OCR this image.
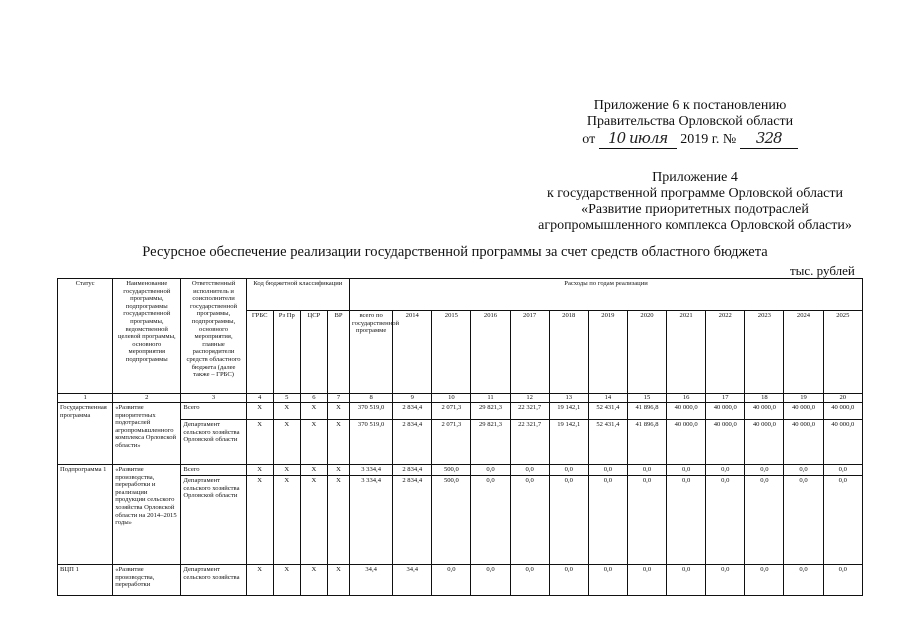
Приложение 6 к постановлению
Правительства Орловской области
от 10 июля 2019 г. № 328
Приложение 4
к государственной программе Орловской области
«Развитие приоритетных подотраслей
агропромышленного комплекса Орловской области»
Ресурсное обеспечение реализации государственной программы за счет средств областного бюджета
тыс. рублей
Статус	Наименование государственной программы, подпрограммы государственной программы, ведомственной целевой программы, основного мероприятия подпрограммы	Ответственный исполнитель и соисполнители государственной программы, подпрограммы, основного мероприятия, главные распорядители средств областного бюджета (далее также – ГРБС)	Код бюджетной классификации				Расходы по годам реализации												
			ГРБС	Рз Пр	ЦСР	ВР	всего по государственной программе	2014	2015	2016	2017	2018	2019	2020	2021	2022	2023	2024	2025
1	2	3	4	5	6	7	8	9	10	11	12	13	14	15	16	17	18	19	20
Государственная программа	«Развитие приоритетных подотраслей агропромышленного комплекса Орловской области»	Всего	X	X	X	X	370 519,0	2 834,4	2 071,3	29 821,3	22 321,7	19 142,1	52 431,4	41 896,8	40 000,0	40 000,0	40 000,0	40 000,0	40 000,0
		Департамент сельского хозяйства Орловской области	X	X	X	X	370 519,0	2 834,4	2 071,3	29 821,3	22 321,7	19 142,1	52 431,4	41 896,8	40 000,0	40 000,0	40 000,0	40 000,0	40 000,0
Подпрограмма 1	«Развитие производства, переработки и реализации продукции сельского хозяйства Орловской области на 2014–2015 годы»	Всего	X	X	X	X	3 334,4	2 834,4	500,0	0,0	0,0	0,0	0,0	0,0	0,0	0,0	0,0	0,0	0,0
		Департамент сельского хозяйства Орловской области	X	X	X	X	3 334,4	2 834,4	500,0	0,0	0,0	0,0	0,0	0,0	0,0	0,0	0,0	0,0	0,0
ВЦП 1	«Развитие производства, переработки	Департамент сельского хозяйства	X	X	X	X	34,4	34,4	0,0	0,0	0,0	0,0	0,0	0,0	0,0	0,0	0,0	0,0	0,0
